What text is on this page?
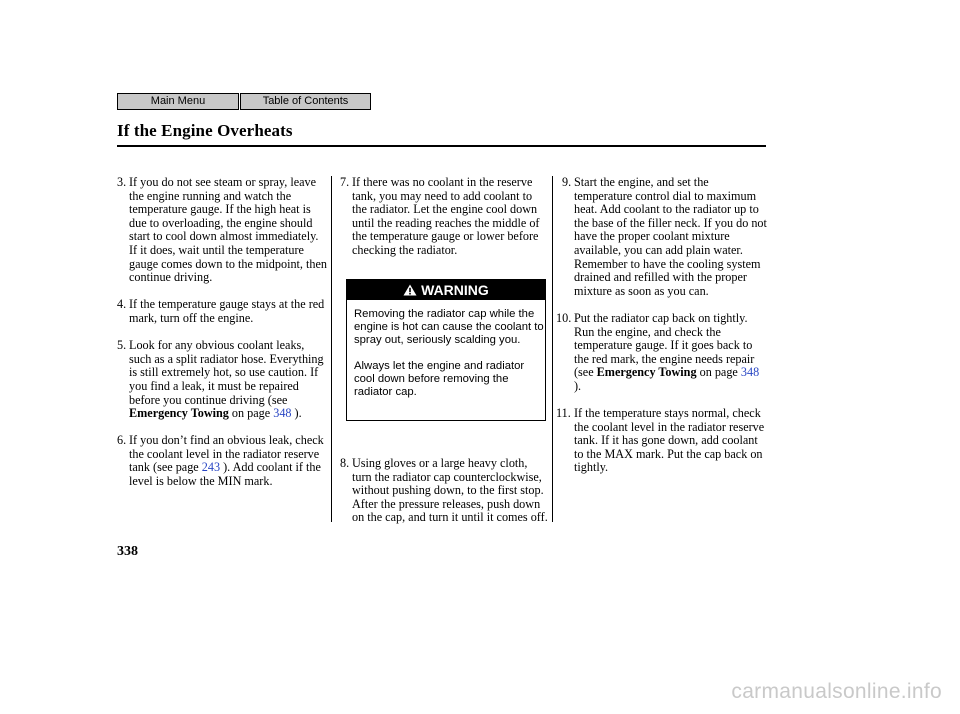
Main Menu	Table of Contents
If the Engine Overheats
3. If you do not see steam or spray, leave the engine running and watch the temperature gauge. If the high heat is due to overloading, the engine should start to cool down almost immediately. If it does, wait until the temperature gauge comes down to the midpoint, then continue driving.
4. If the temperature gauge stays at the red mark, turn off the engine.
5. Look for any obvious coolant leaks, such as a split radiator hose. Everything is still extremely hot, so use caution. If you find a leak, it must be repaired before you continue driving (see Emergency Towing on page 348 ).
6. If you don’t find an obvious leak, check the coolant level in the radiator reserve tank (see page 243 ). Add coolant if the level is below the MIN mark.
7. If there was no coolant in the reserve tank, you may need to add coolant to the radiator. Let the engine cool down until the reading reaches the middle of the temperature gauge or lower before checking the radiator.
WARNING

Removing the radiator cap while the engine is hot can cause the coolant to spray out, seriously scalding you.

Always let the engine and radiator cool down before removing the radiator cap.

8. Using gloves or a large heavy cloth, turn the radiator cap counterclockwise, without pushing down, to the first stop. After the pressure releases, push down on the cap, and turn it until it comes off.
9. Start the engine, and set the temperature control dial to maximum heat. Add coolant to the radiator up to the base of the filler neck. If you do not have the proper coolant mixture available, you can add plain water. Remember to have the cooling system drained and refilled with the proper mixture as soon as you can.
10. Put the radiator cap back on tightly. Run the engine, and check the temperature gauge. If it goes back to the red mark, the engine needs repair (see Emergency Towing on page 348 ).
11. If the temperature stays normal, check the coolant level in the radiator reserve tank. If it has gone down, add coolant to the MAX mark. Put the cap back on tightly.
338
carmanualsonline.info
